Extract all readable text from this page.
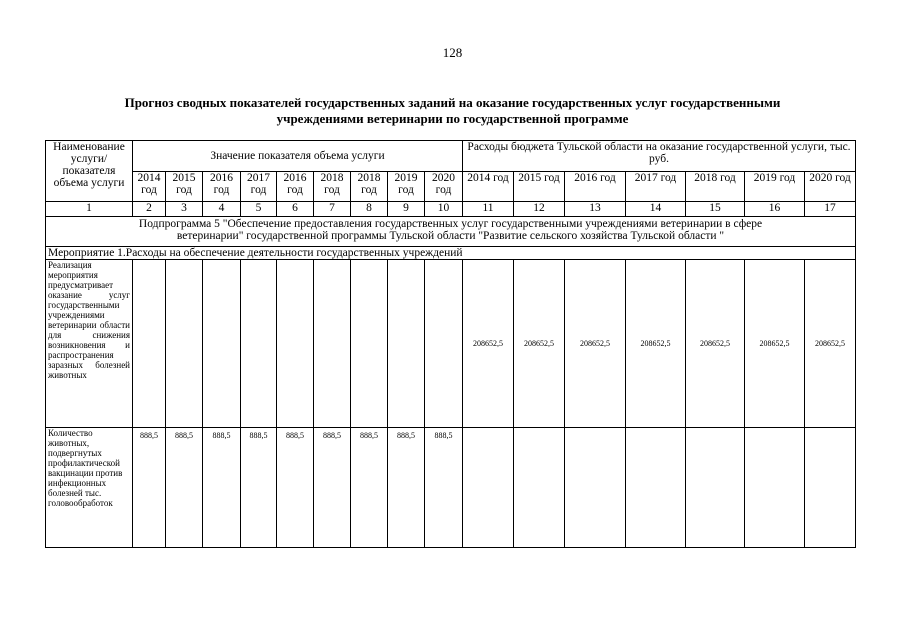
128
Прогноз сводных показателей государственных заданий на оказание государственных услуг государственными
учреждениями ветеринарии по государственной программе
Наименование услуги/ показателя объема услуги	Значение показателя объема услуги									Расходы бюджета Тульской области на оказание государственной услуги, тыс. руб.						
	2014 год	2015 год	2016 год	2017 год	2016 год	2018 год	2018 год	2019 год	2020 год	2014 год	2015 год	2016 год	2017 год	2018 год	2019 год	2020 год
1	2	3	4	5	6	7	8	9	10	11	12	13	14	15	16	17
Подпрограмма 5 "Обеспечение предоставления государственных услуг государственными учреждениями ветеринарии в сфере ветеринарии" государственной программы Тульской области "Развитие сельского хозяйства Тульской области "																
Мероприятие 1.Расходы на обеспечение деятельности государственных учреждений																
Реализация мероприятия предусматривает оказание услуг государственными учреждениями ветеринарии области для снижения возникновения и распространения заразных болезней животных										208652,5	208652,5	208652,5	208652,5	208652,5	208652,5	208652,5
Количество животных, подвергнутых профилактической вакцинации против инфекционных болезней тыс. головообработок	888,5	888,5	888,5	888,5	888,5	888,5	888,5	888,5	888,5							
